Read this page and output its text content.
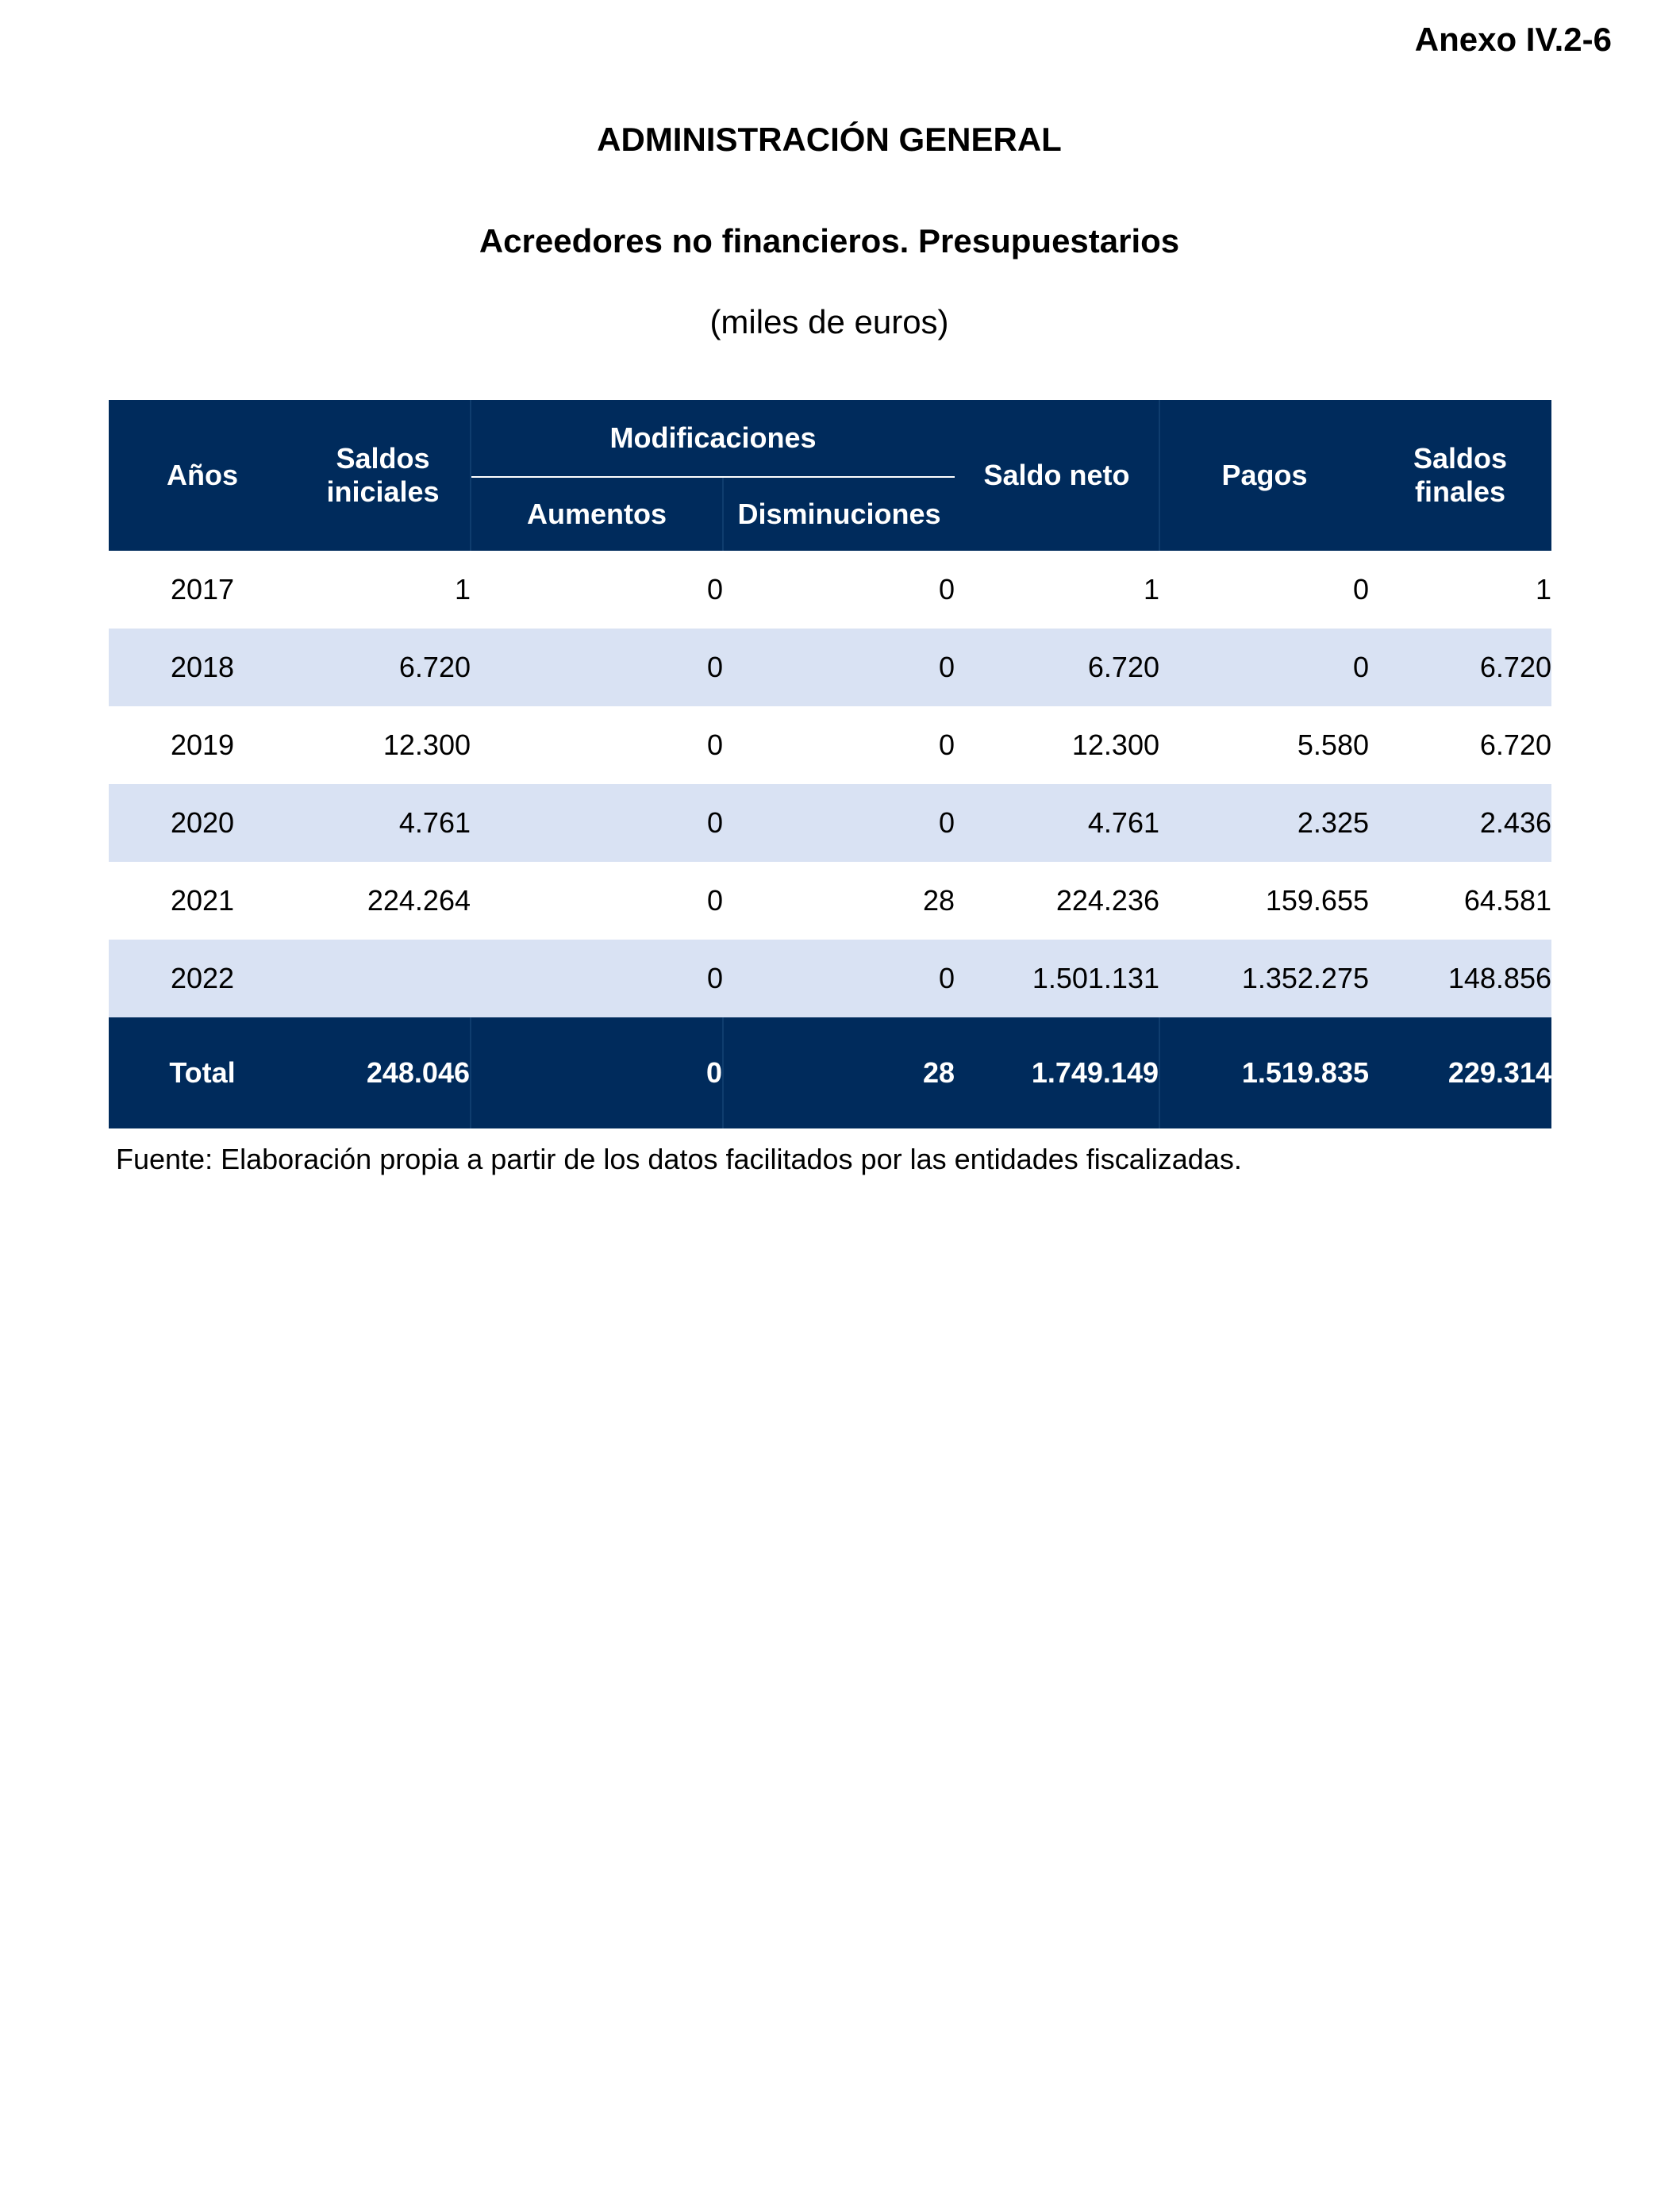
Anexo IV.2-6
ADMINISTRACIÓN GENERAL
Acreedores no financieros. Presupuestarios
(miles de euros)
Años	Saldos iniciales	Modificaciones		Saldo neto	Pagos	Saldos finales
		Aumentos	Disminuciones			
2017	1	0	0	1	0	1
2018	6.720	0	0	6.720	0	6.720
2019	12.300	0	0	12.300	5.580	6.720
2020	4.761	0	0	4.761	2.325	2.436
2021	224.264	0	28	224.236	159.655	64.581
2022		0	0	1.501.131	1.352.275	148.856
Total	248.046	0	28	1.749.149	1.519.835	229.314
Fuente: Elaboración propia a partir de los datos facilitados por las entidades fiscalizadas.
